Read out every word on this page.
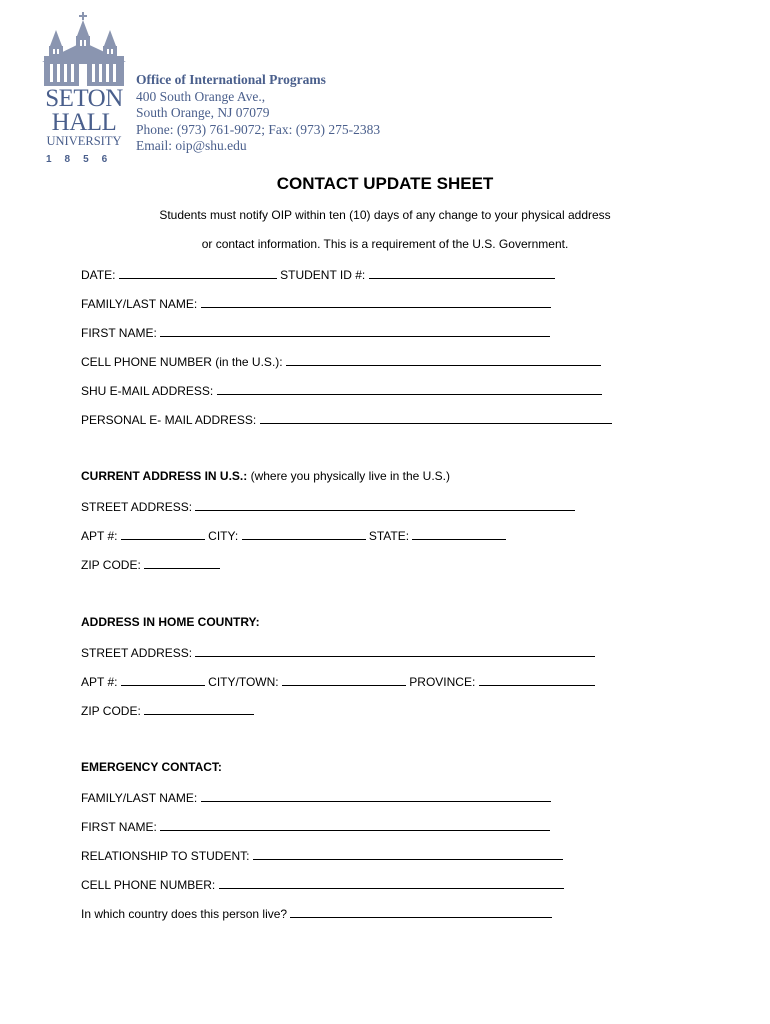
SETON
HALL
UNIVERSITY
1856
Office of International Programs
400 South Orange Ave.,
South Orange, NJ 07079
Phone: (973) 761-9072; Fax: (973) 275-2383
Email: oip@shu.edu
CONTACT UPDATE SHEET
Students must notify OIP within ten (10) days of any change to your physical address
or contact information. This is a requirement of the U.S. Government.
DATE:	STUDENT ID #:
FAMILY/LAST NAME:
FIRST NAME:
CELL PHONE NUMBER (in the U.S.):
SHU E-MAIL ADDRESS:
PERSONAL E- MAIL ADDRESS:
CURRENT ADDRESS IN U.S.: (where you physically live in the U.S.)
STREET ADDRESS:
APT #:	CITY:	STATE:
ZIP CODE:
ADDRESS IN HOME COUNTRY:
STREET ADDRESS:
APT #:	CITY/TOWN:	PROVINCE:
ZIP CODE:
EMERGENCY CONTACT:
FAMILY/LAST NAME:
FIRST NAME:
RELATIONSHIP TO STUDENT:
CELL PHONE NUMBER:
In which country does this person live?
